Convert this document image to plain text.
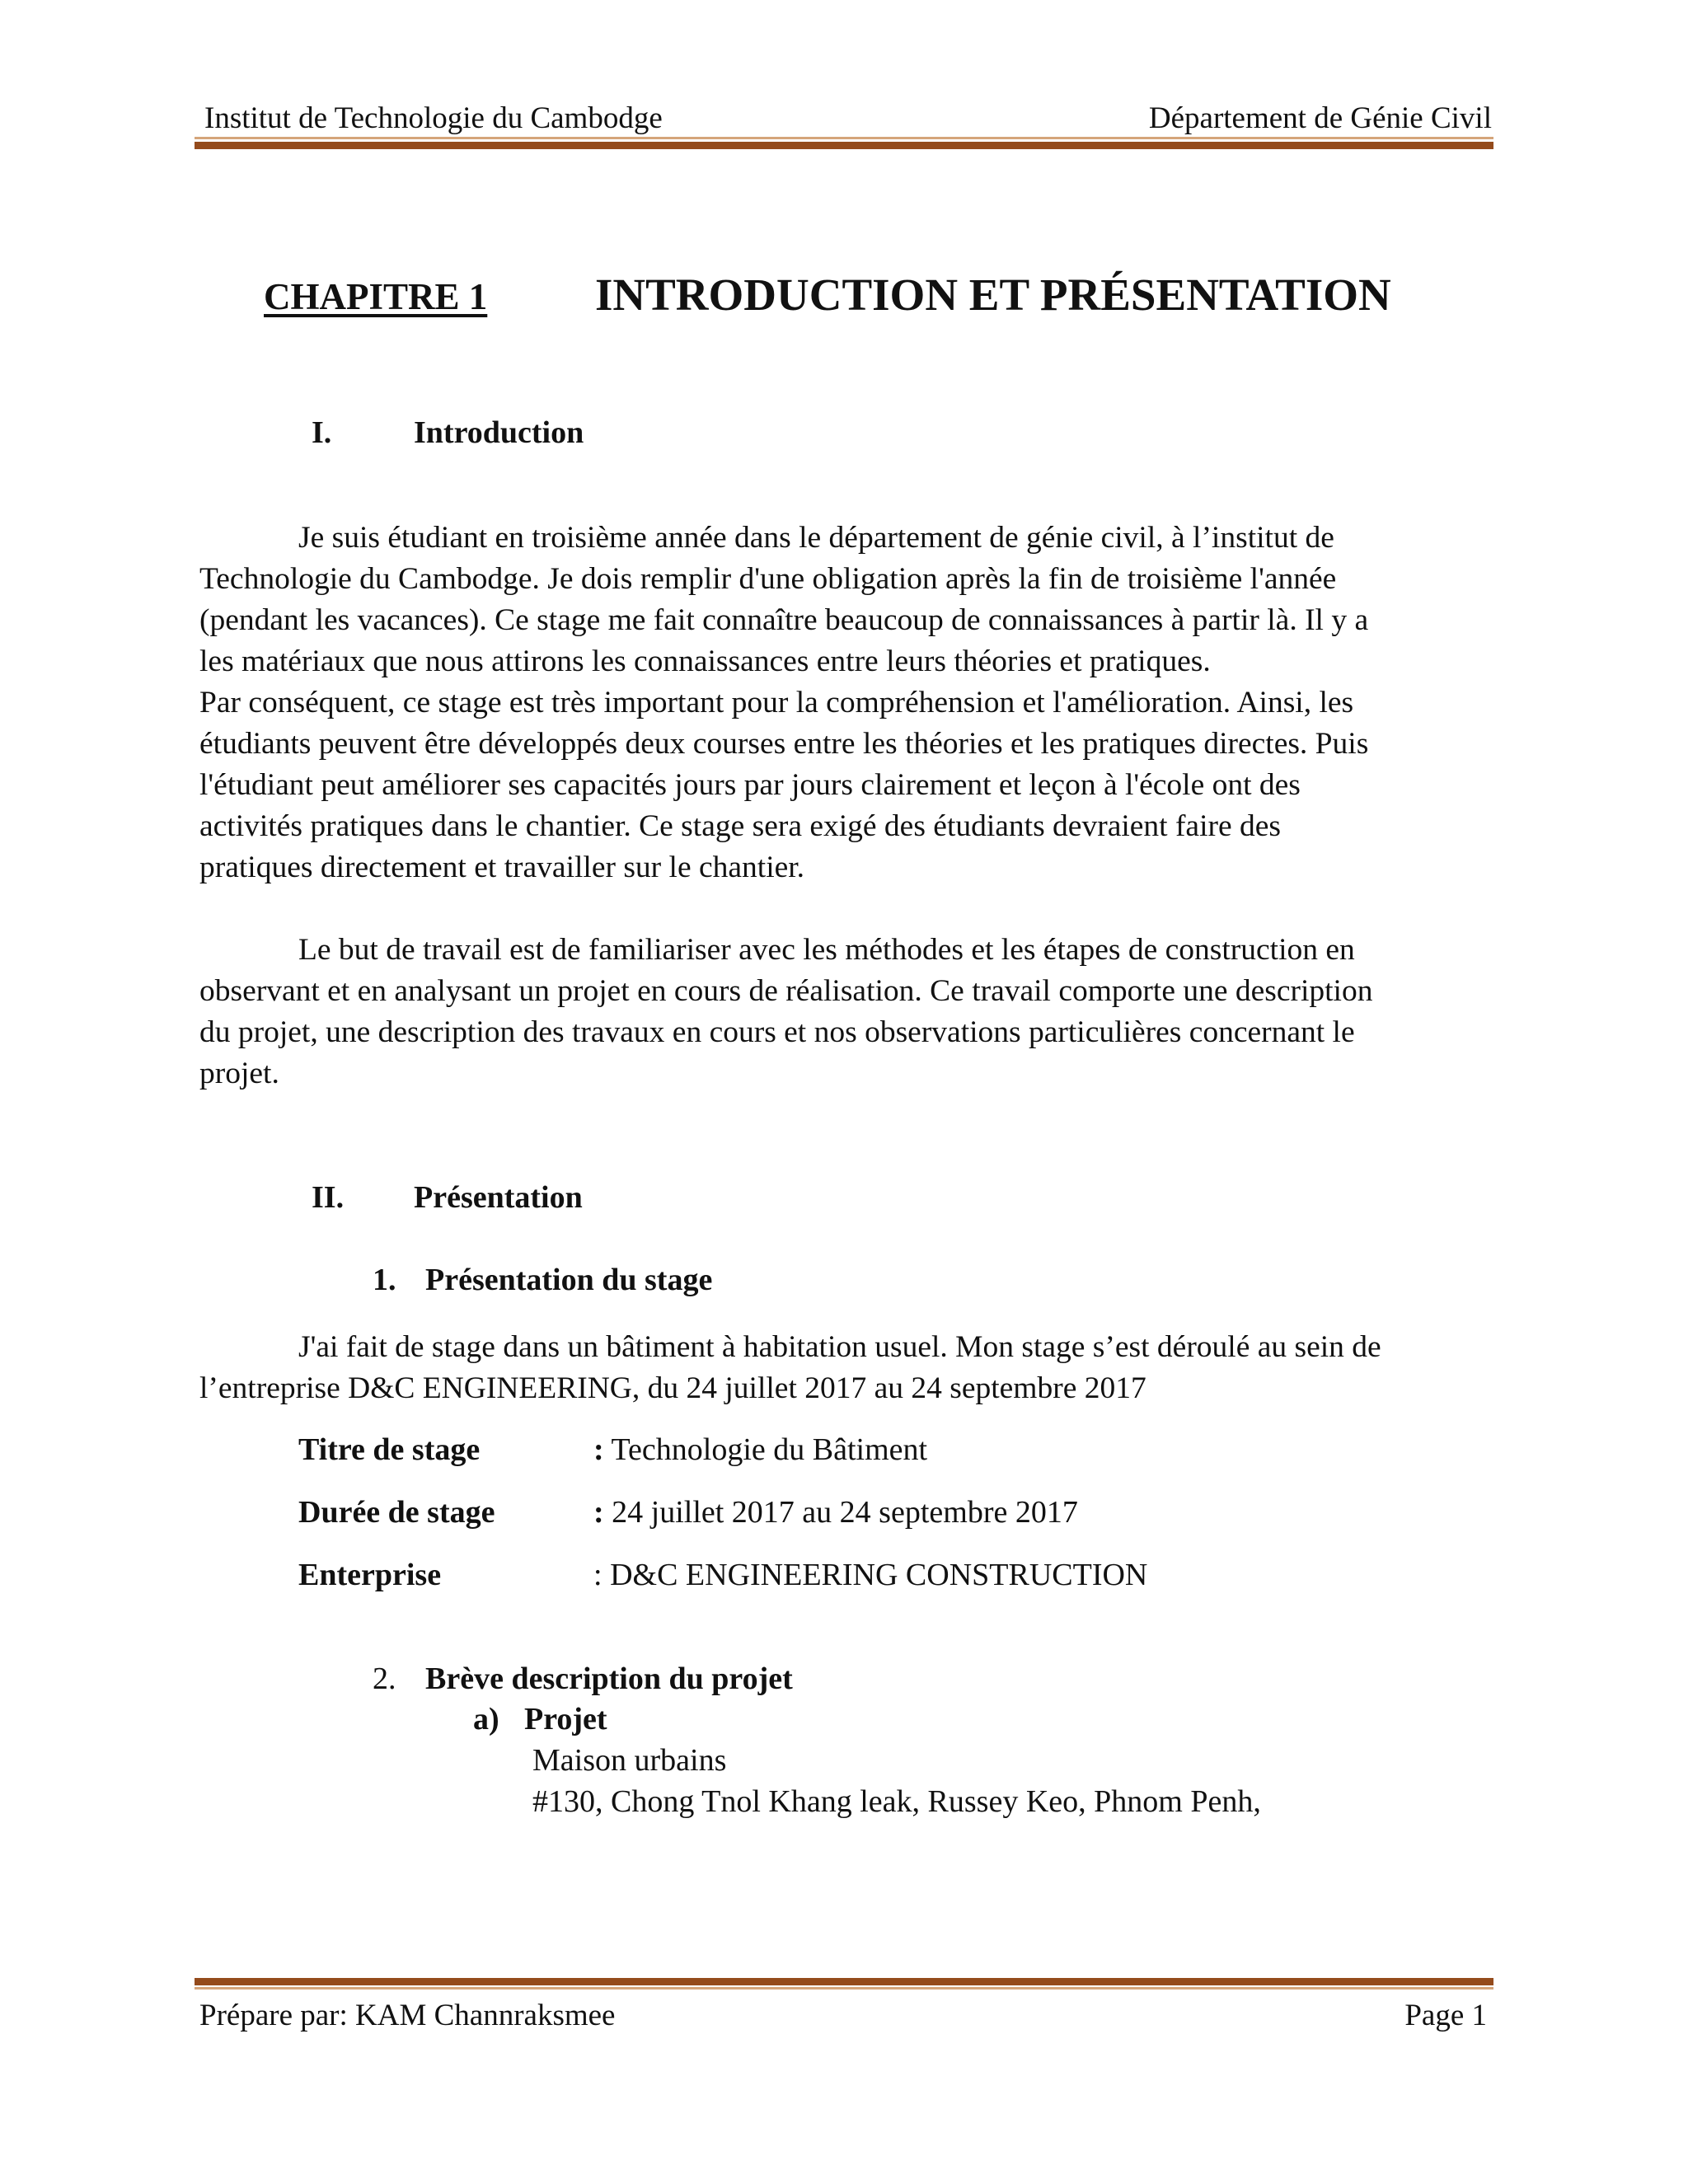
Institut de Technologie du Cambodge	Département de Génie Civil
CHAPITRE 1 INTRODUCTION ET PRÉSENTATION
I.	Introduction
Je suis étudiant en troisième année dans le département de génie civil, à l’institut de
Technologie du Cambodge. Je dois remplir d'une obligation après la fin de troisième l'année
(pendant les vacances). Ce stage me fait connaître beaucoup de connaissances à partir là. Il y a
les matériaux que nous attirons les connaissances entre leurs théories et pratiques.
Par conséquent, ce stage est très important pour la compréhension et l'amélioration. Ainsi, les
étudiants peuvent être développés deux courses entre les théories et les pratiques directes. Puis
l'étudiant peut améliorer ses capacités jours par jours clairement et leçon à l'école ont des
activités pratiques dans le chantier. Ce stage sera exigé des étudiants devraient faire des
pratiques directement et travailler sur le chantier.
Le but de travail est de familiariser avec les méthodes et les étapes de construction en
observant et en analysant un projet en cours de réalisation. Ce travail comporte une description
du projet, une description des travaux en cours et nos observations particulières concernant le
projet.
II. Présentation
1. Présentation du stage
J'ai fait de stage dans un bâtiment à habitation usuel. Mon stage s’est déroulé au sein de
l’entreprise D&C ENGINEERING, du 24 juillet 2017 au 24 septembre 2017
Titre de stage	: Technologie du Bâtiment
Durée de stage	: 24 juillet 2017 au 24 septembre 2017
Enterprise	: D&C ENGINEERING CONSTRUCTION
2. Brève description du projet
a) Projet
Maison urbains
#130, Chong Tnol Khang leak, Russey Keo, Phnom Penh,
Prépare par: KAM Channraksmee	Page 1
